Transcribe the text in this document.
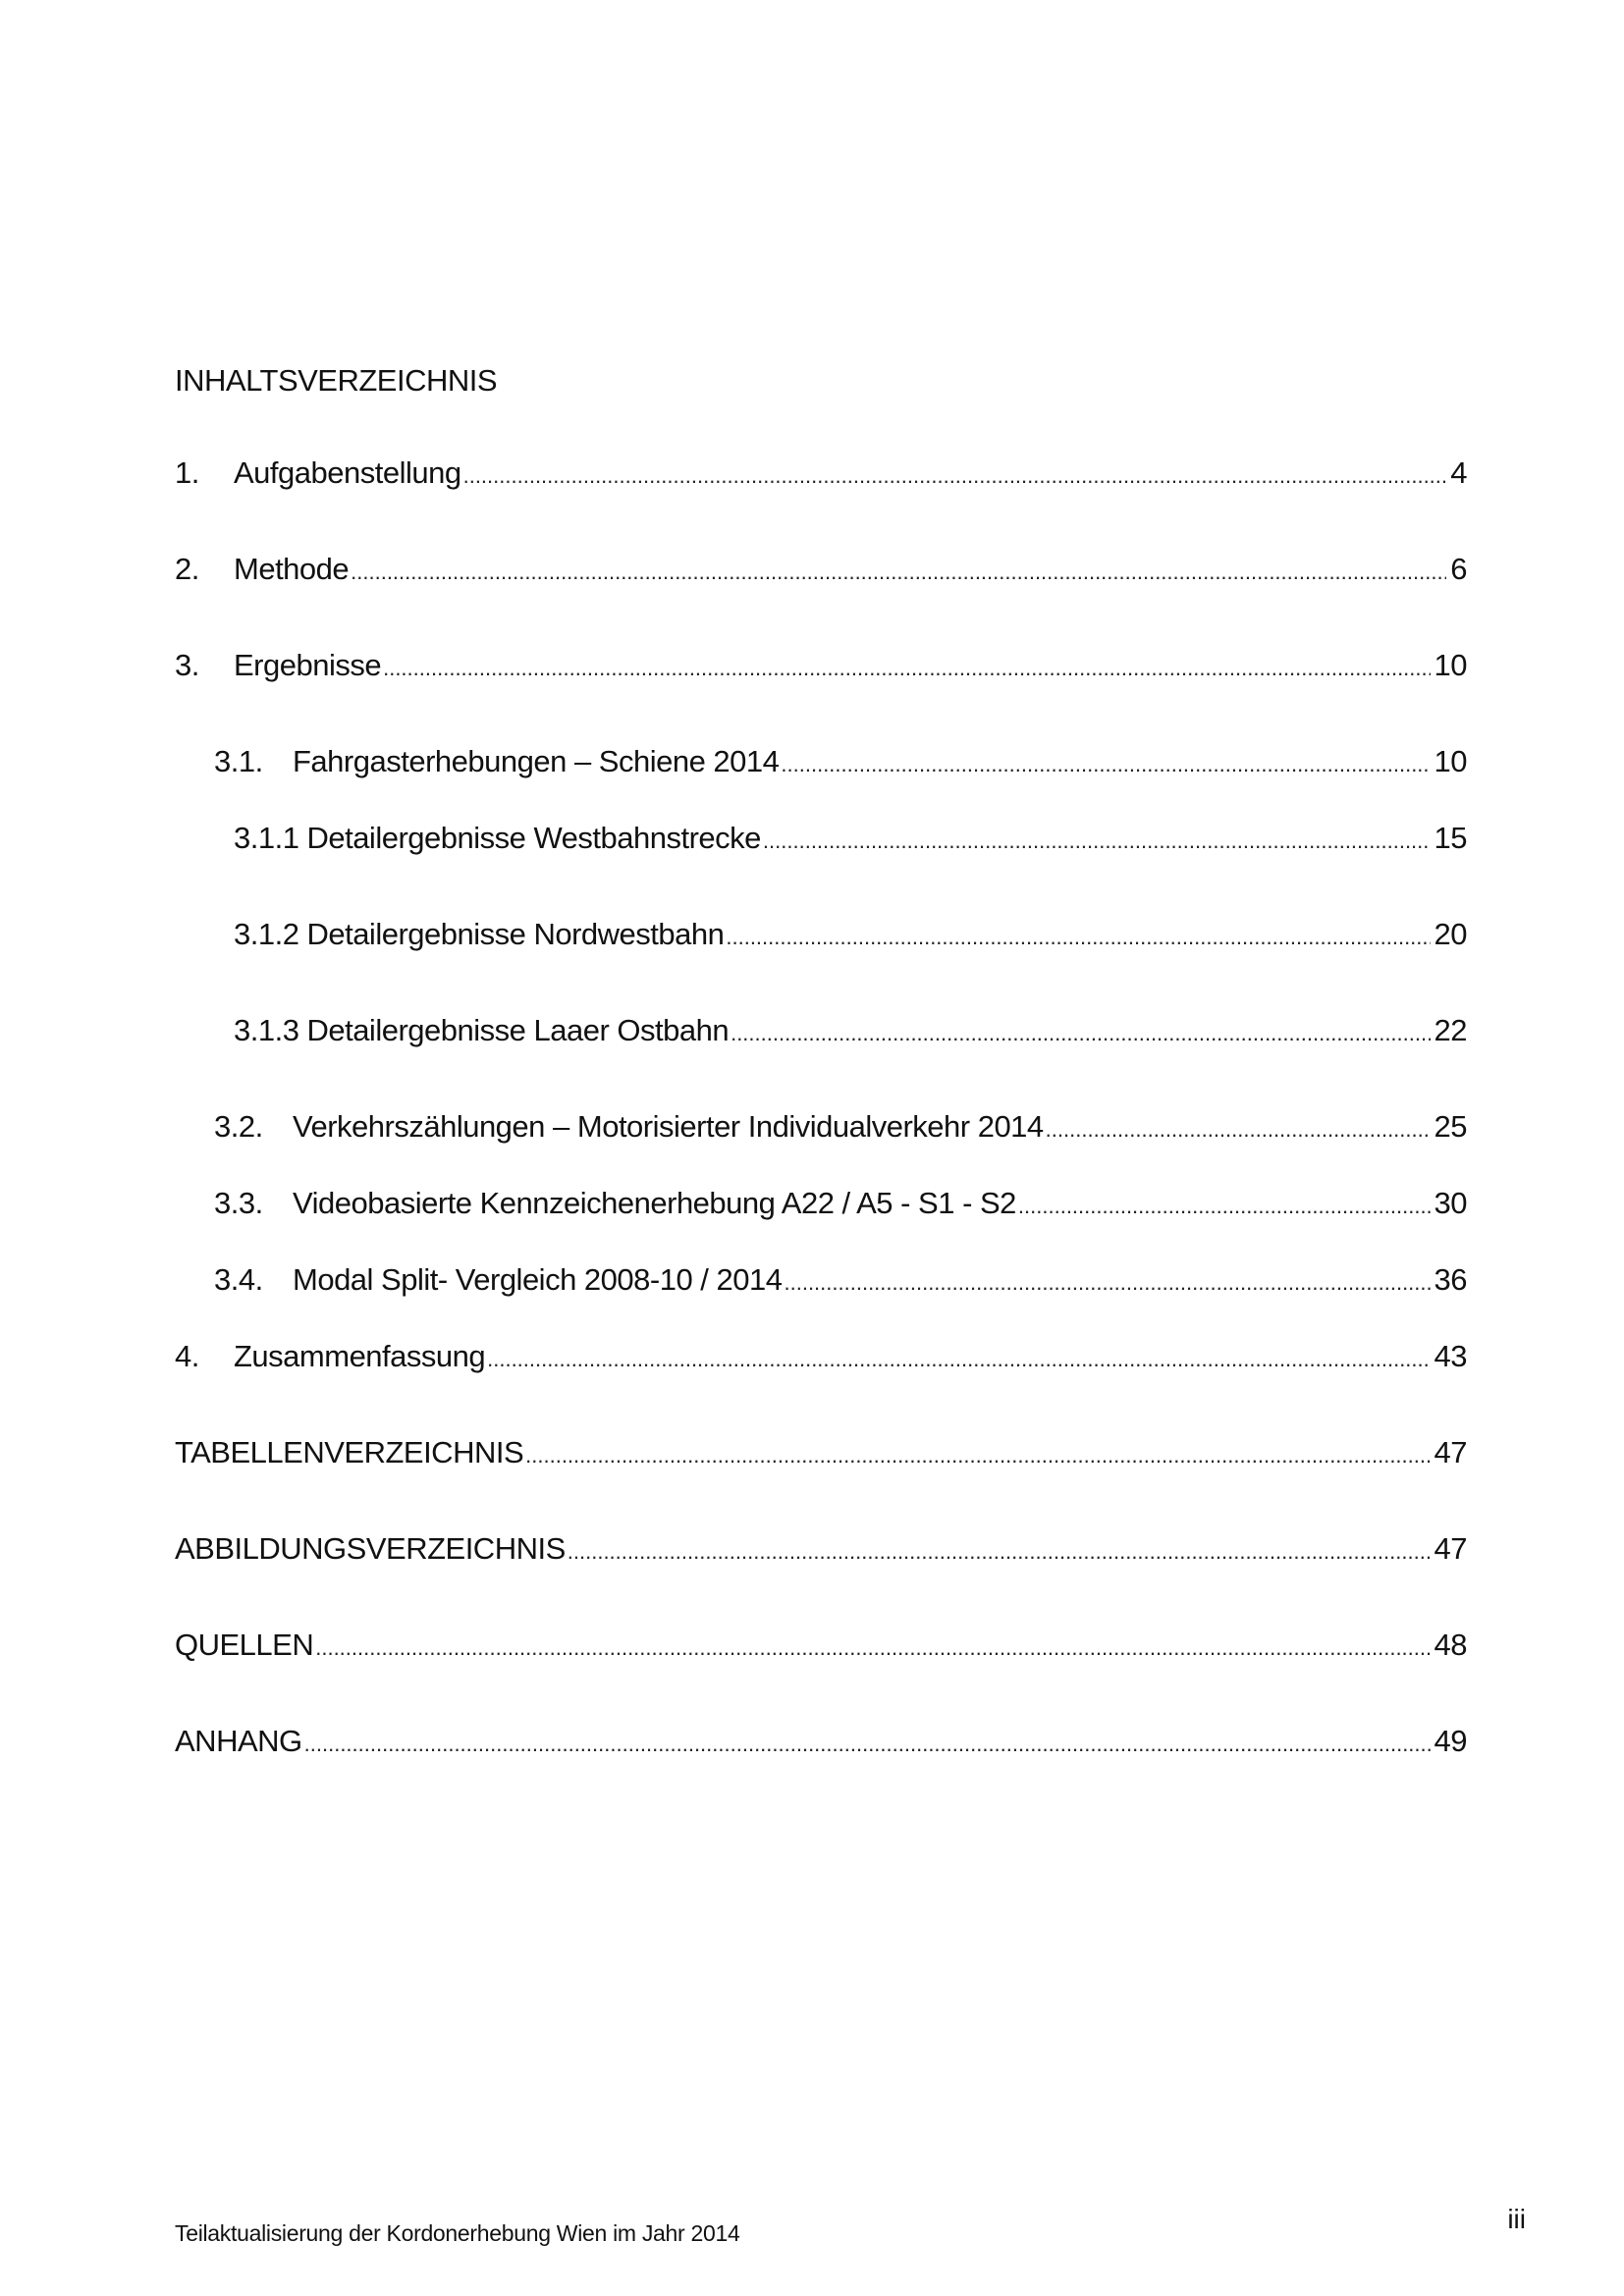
INHALTSVERZEICHNIS
1.	Aufgabenstellung .....	4
2.	Methode .....	6
3.	Ergebnisse .....	10
3.1. Fahrgasterhebungen – Schiene 2014 .....	10
3.1.1 Detailergebnisse Westbahnstrecke .....	15
3.1.2 Detailergebnisse Nordwestbahn .....	20
3.1.3 Detailergebnisse Laaer Ostbahn .....	22
3.2. Verkehrszählungen – Motorisierter Individualverkehr 2014 .....	25
3.3. Videobasierte Kennzeichenerhebung A22 / A5 - S1 - S2 .....	30
3.4. Modal Split- Vergleich 2008-10 / 2014 .....	36
4.	Zusammenfassung .....	43
TABELLENVERZEICHNIS .....	47
ABBILDUNGSVERZEICHNIS .....	47
QUELLEN .....	48
ANHANG .....	49
Teilaktualisierung der Kordonerhebung Wien im Jahr 2014	iii
